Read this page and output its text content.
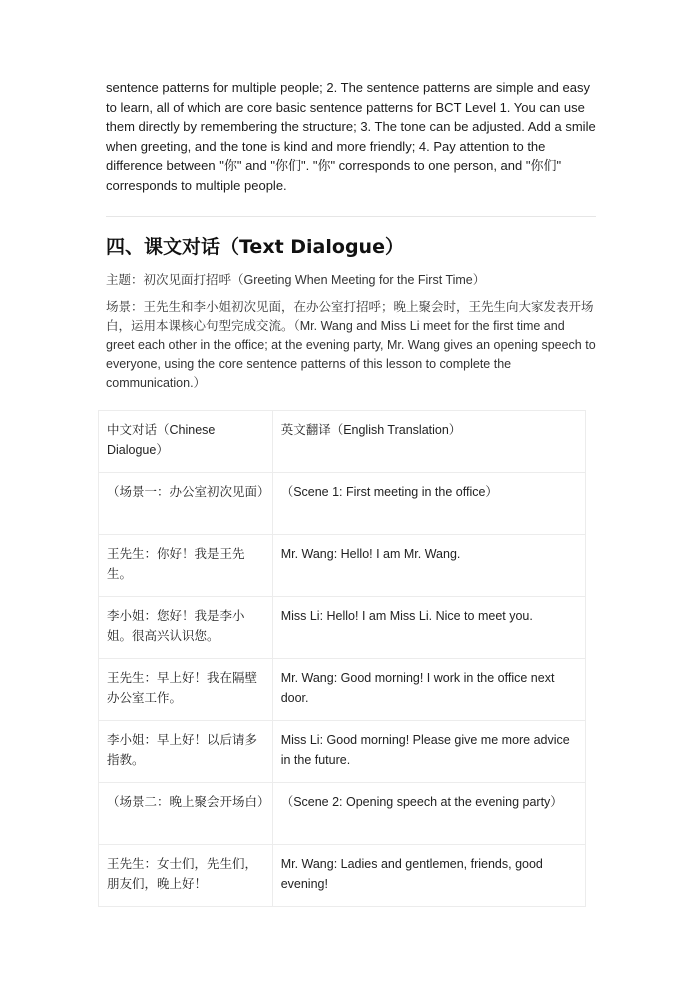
sentence patterns for multiple people; 2. The sentence patterns are simple and easy to learn, all of which are core basic sentence patterns for BCT Level 1. You can use them directly by remembering the structure; 3. The tone can be adjusted. Add a smile when greeting, and the tone is kind and more friendly; 4. Pay attention to the difference between "你" and "你们". "你" corresponds to one person, and "你们" corresponds to multiple people.

四、课文对话（Text Dialogue）

主题：初次见面打招呼（Greeting When Meeting for the First Time）

场景：王先生和李小姐初次见面，在办公室打招呼；晚上聚会时，王先生向大家发表开场白，运用本课核心句型完成交流。（Mr. Wang and Miss Li meet for the first time and greet each other in the office; at the evening party, Mr. Wang gives an opening speech to everyone, using the core sentence patterns of this lesson to complete the communication.）

中文对话（Chinese Dialogue）	英文翻译（English Translation）
（场景一：办公室初次见面）	（Scene 1: First meeting in the office）
王先生：你好！我是王先生。	Mr. Wang: Hello! I am Mr. Wang.
李小姐：您好！我是李小姐。很高兴认识您。	Miss Li: Hello! I am Miss Li. Nice to meet you.
王先生：早上好！我在隔壁办公室工作。	Mr. Wang: Good morning! I work in the office next door.
李小姐：早上好！以后请多指教。	Miss Li: Good morning! Please give me more advice in the future.
（场景二：晚上聚会开场白）	（Scene 2: Opening speech at the evening party）
王先生：女士们，先生们，朋友们，晚上好！	Mr. Wang: Ladies and gentlemen, friends, good evening!
